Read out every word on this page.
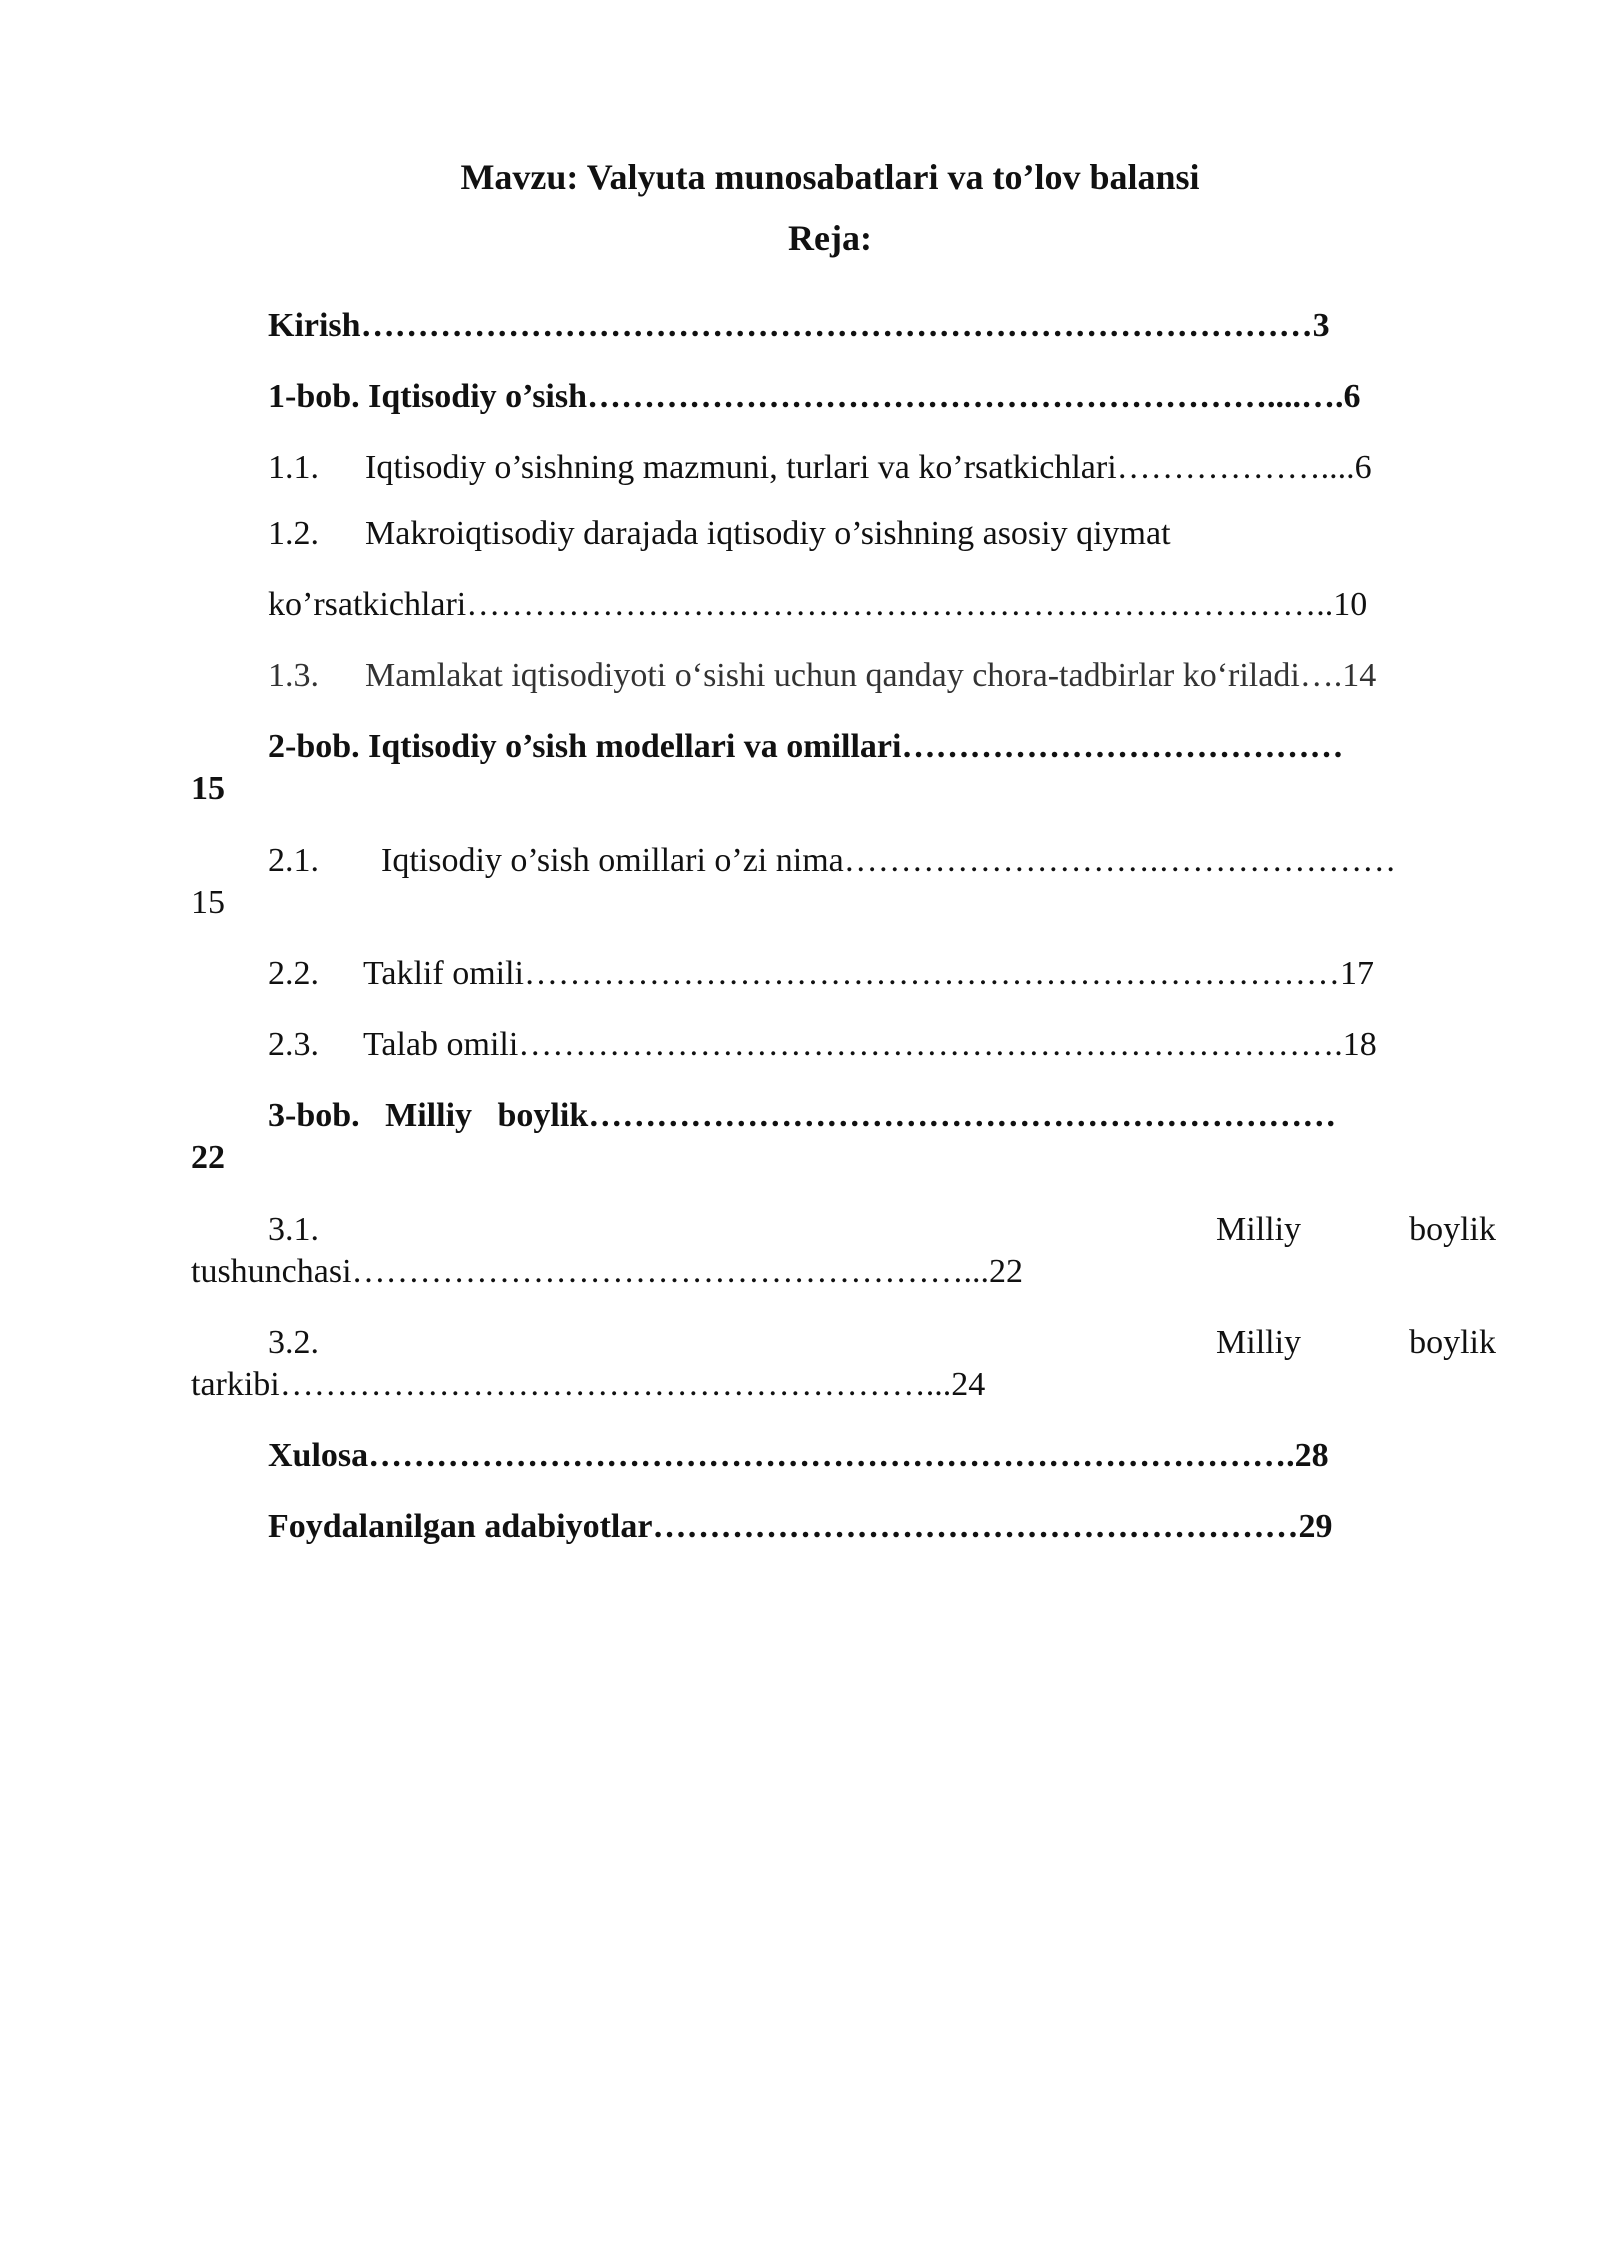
Mavzu: Valyuta munosabatlari va to’lov balansi
Reja:
Kirish…………………………………………………………………………3
1-bob. Iqtisodiy o’sish……………………………………………………....….6
1.1. Iqtisodiy o’sishning mazmuni, turlari va ko’rsatkichlari………………....6
1.2. Makroiqtisodiy darajada iqtisodiy o’sishning asosiy qiymat
ko’rsatkichlari…………………………………………………………………..10
1.3. Mamlakat iqtisodiyoti o‘sishi uchun qanday chora-tadbirlar ko‘riladi….14
2-bob. Iqtisodiy o’sish modellari va omillari…………………………………
15
2.1. Iqtisodiy o’sish omillari o’zi nima……………………….…………………
15
2.2. Taklif omili………………………………………………………………17
2.3. Talab omili……………………………………………………………….18
3-bob.   Milliy   boylik…………………………………………………………
22
3.1.	Milliy	boylik
tushunchasi………………………………………………...22
3.2.	Milliy	boylik
tarkibi…………………………………………………...24
Xulosa……………………………………………………………………….28
Foydalanilgan adabiyotlar…………………………………………………29
